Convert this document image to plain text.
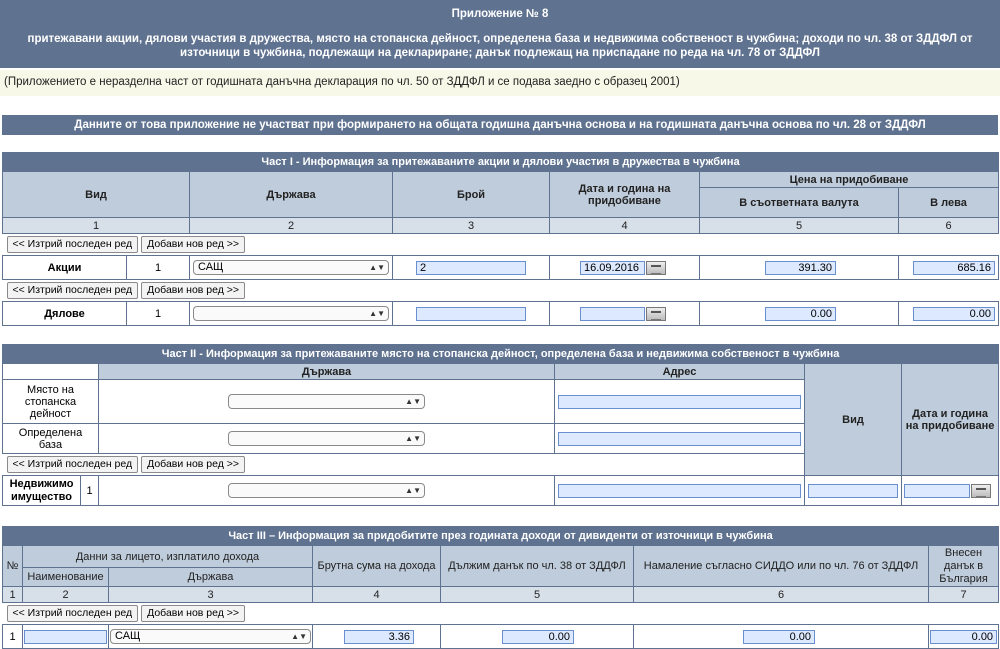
Приложение № 8
притежавани акции, дялови участия в дружества, място на стопанска дейност, определена база и недвижима собственост в чужбина; доходи по чл. 38 от ЗДДФЛ от източници в чужбина, подлежащи на деклариране; данък подлежащ на приспадане по реда на чл. 78 от ЗДДФЛ
(Приложението е неразделна част от годишната данъчна декларация по чл. 50 от ЗДДФЛ и се подава заедно с образец 2001)
Данните от това приложение не участват при формирането на общата годишна данъчна основа и на годишната данъчна основа по чл. 28 от ЗДДФЛ
Част I - Информация за притежаваните акции и дялови участия в дружества в чужбина						
Вид		Държава	Брой	Дата и година на придобиване	Цена на придобиване	
					В съответната валута	В лева
1		2	3	4	5	6
<< Изтрий последен ред Добави нов ред >>						
Акции	1	САЩ ▲▼	2	16.09.2016	391.30	685.16

<< Изтрий последен ред Добави нов ред >>						
Дялове	1	▲▼			0.00	0.00
Част II - Информация за притежаваните място на стопанска дейност, определена база и недвижима собственост в чужбина					
		Държава	Адрес	Вид	Дата и година на придобиване
Място на стопанска дейност		▲▼			

Определена база		▲▼			

<< Изтрий последен ред Добави нов ред >>					
Недвижимо имущество	1	▲▼			

Част III – Информация за придобитите през годината доходи от дивиденти от източници в чужбина						
№	Данни за лицето, изплатило дохода		Брутна сума на дохода	Дължим данък по чл. 38 от ЗДДФЛ	Намаление съгласно СИДДО или по чл. 76 от ЗДДФЛ	Внесен данък в България
	Наименование	Държава				
1	2	3	4	5	6	7
<< Изтрий последен ред Добави нов ред >>						
1		САЩ ▲▼	3.36	0.00	0.00	0.00
